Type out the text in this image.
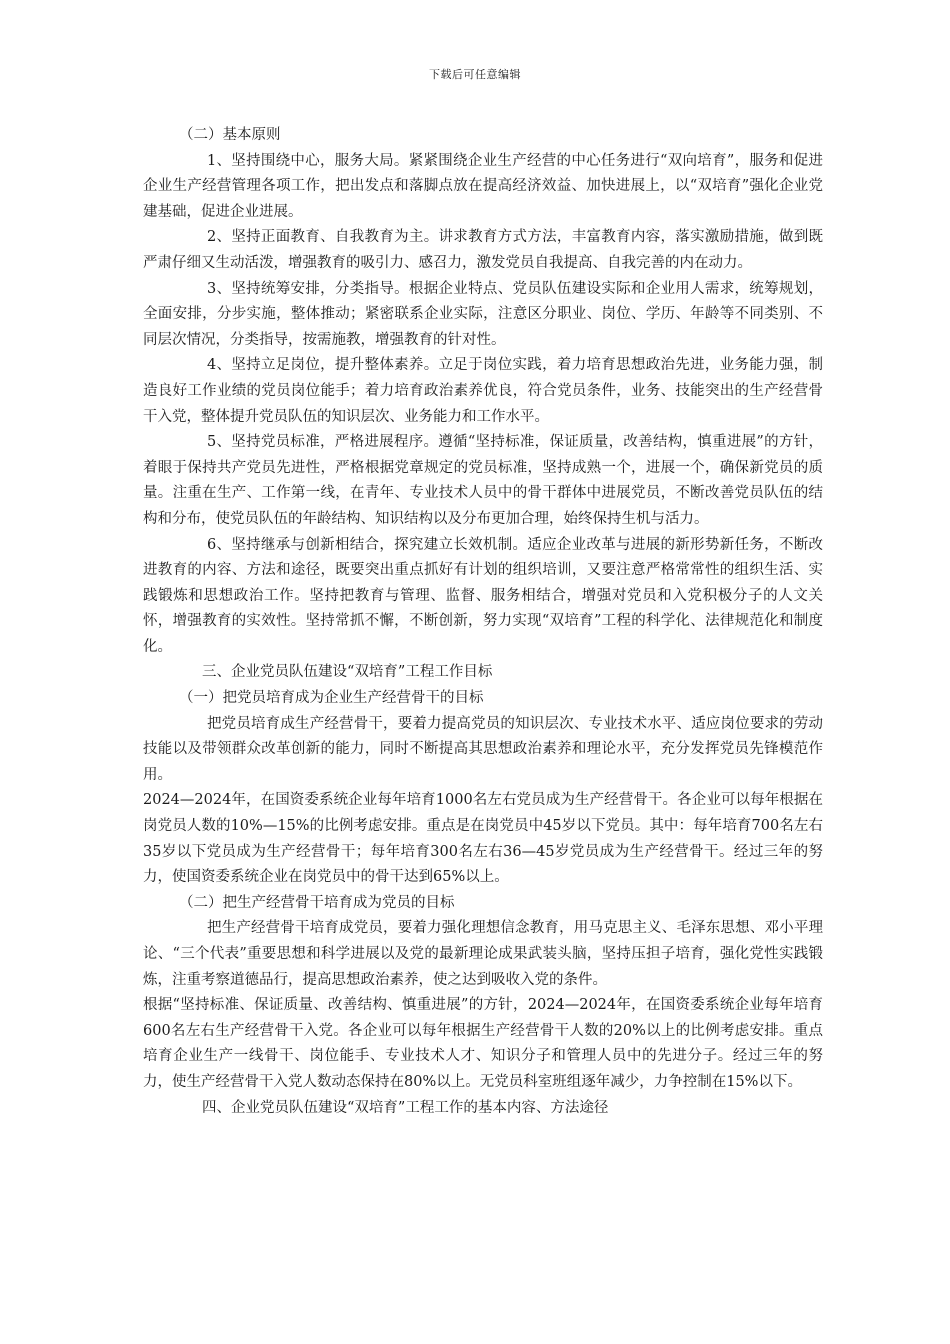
下载后可任意编辑

（二）基本原则

1、坚持围绕中心，服务大局。紧紧围绕企业生产经营的中心任务进行“双向培育”，服务和促进企业生产经营管理各项工作，把出发点和落脚点放在提高经济效益、加快进展上，以“双培育”强化企业党建基础，促进企业进展。

2、坚持正面教育、自我教育为主。讲求教育方式方法，丰富教育内容，落实激励措施，做到既严肃仔细又生动活泼，增强教育的吸引力、感召力，激发党员自我提高、自我完善的内在动力。

3、坚持统筹安排，分类指导。根据企业特点、党员队伍建设实际和企业用人需求，统筹规划，全面安排，分步实施，整体推动；紧密联系企业实际，注意区分职业、岗位、学历、年龄等不同类别、不同层次情况，分类指导，按需施教，增强教育的针对性。

4、坚持立足岗位，提升整体素养。立足于岗位实践，着力培育思想政治先进，业务能力强，制造良好工作业绩的党员岗位能手；着力培育政治素养优良，符合党员条件，业务、技能突出的生产经营骨干入党，整体提升党员队伍的知识层次、业务能力和工作水平。

5、坚持党员标准，严格进展程序。遵循“坚持标准，保证质量，改善结构，慎重进展”的方针，着眼于保持共产党员先进性，严格根据党章规定的党员标准，坚持成熟一个，进展一个，确保新党员的质量。注重在生产、工作第一线，在青年、专业技术人员中的骨干群体中进展党员，不断改善党员队伍的结构和分布，使党员队伍的年龄结构、知识结构以及分布更加合理，始终保持生机与活力。

6、坚持继承与创新相结合，探究建立长效机制。适应企业改革与进展的新形势新任务，不断改进教育的内容、方法和途径，既要突出重点抓好有计划的组织培训，又要注意严格常常性的组织生活、实践锻炼和思想政治工作。坚持把教育与管理、监督、服务相结合，增强对党员和入党积极分子的人文关怀，增强教育的实效性。坚持常抓不懈，不断创新，努力实现“双培育”工程的科学化、法律规范化和制度化。

三、企业党员队伍建设“双培育”工程工作目标

（一）把党员培育成为企业生产经营骨干的目标

把党员培育成生产经营骨干，要着力提高党员的知识层次、专业技术水平、适应岗位要求的劳动技能以及带领群众改革创新的能力，同时不断提高其思想政治素养和理论水平，充分发挥党员先锋模范作用。

2024—2024年，在国资委系统企业每年培育1000名左右党员成为生产经营骨干。各企业可以每年根据在岗党员人数的10%—15%的比例考虑安排。重点是在岗党员中45岁以下党员。其中：每年培育700名左右35岁以下党员成为生产经营骨干；每年培育300名左右36—45岁党员成为生产经营骨干。经过三年的努力，使国资委系统企业在岗党员中的骨干达到65%以上。

（二）把生产经营骨干培育成为党员的目标

把生产经营骨干培育成党员，要着力强化理想信念教育，用马克思主义、毛泽东思想、邓小平理论、“三个代表”重要思想和科学进展以及党的最新理论成果武装头脑，坚持压担子培育，强化党性实践锻炼，注重考察道德品行，提高思想政治素养，使之达到吸收入党的条件。

根据“坚持标准、保证质量、改善结构、慎重进展”的方针，2024—2024年，在国资委系统企业每年培育600名左右生产经营骨干入党。各企业可以每年根据生产经营骨干人数的20%以上的比例考虑安排。重点培育企业生产一线骨干、岗位能手、专业技术人才、知识分子和管理人员中的先进分子。经过三年的努力，使生产经营骨干入党人数动态保持在80%以上。无党员科室班组逐年减少，力争控制在15%以下。

四、企业党员队伍建设“双培育”工程工作的基本内容、方法途径
